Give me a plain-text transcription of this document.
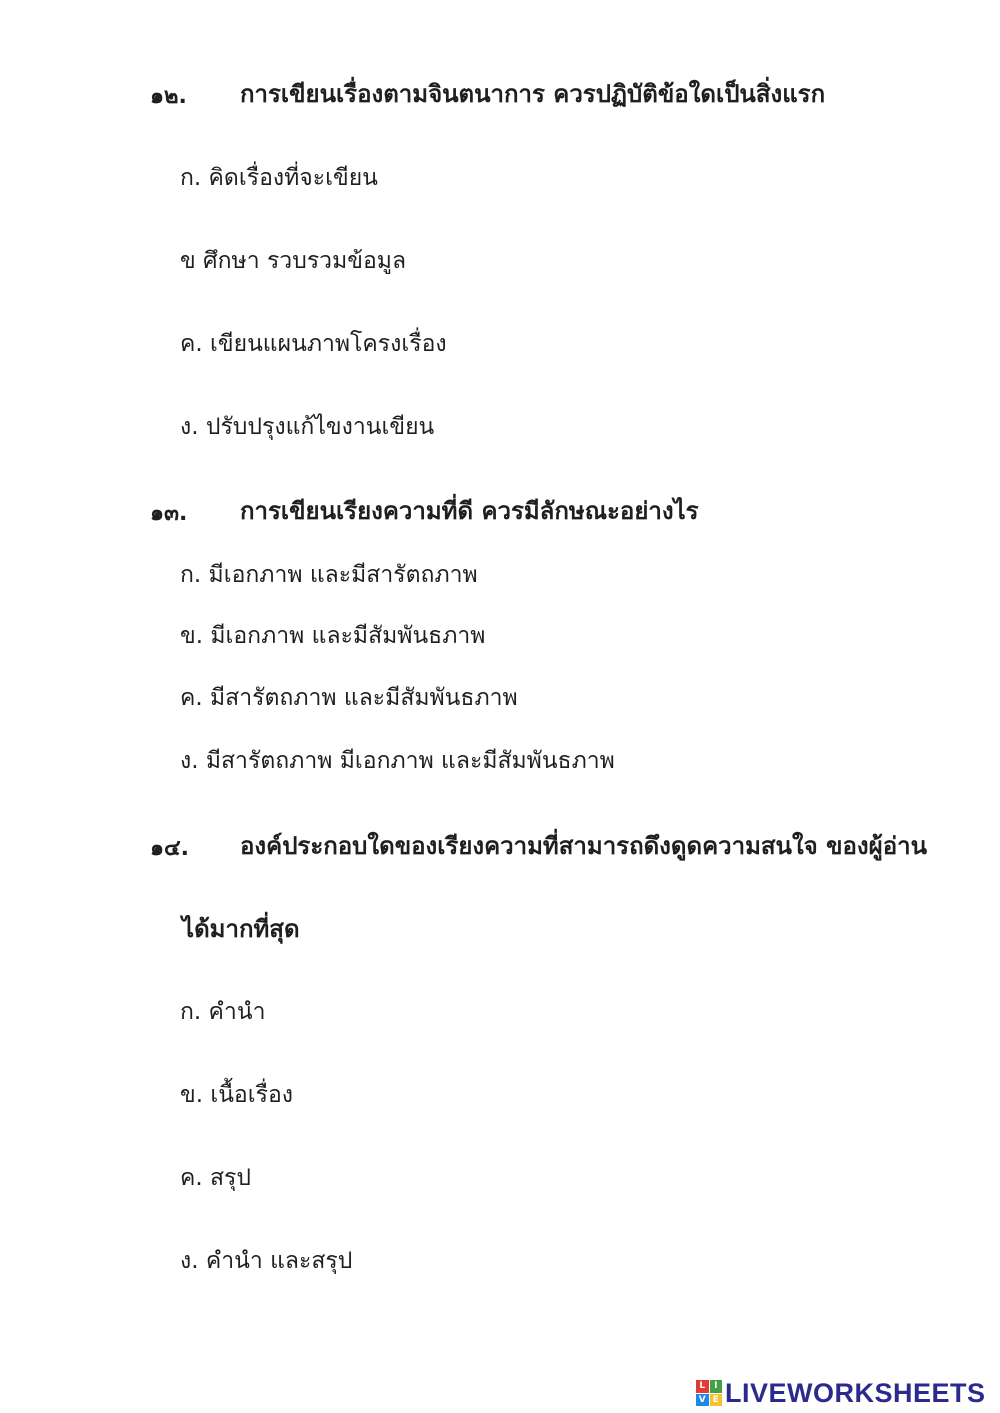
๑๒. การเขียนเรื่องตามจินตนาการ ควรปฏิบัติข้อใดเป็นสิ่งแรก
ก. คิดเรื่องที่จะเขียน
ข ศึกษา รวบรวมข้อมูล
ค. เขียนแผนภาพโครงเรื่อง
ง. ปรับปรุงแก้ไขงานเขียน
๑๓. การเขียนเรียงความที่ดี ควรมีลักษณะอย่างไร
ก. มีเอกภาพ และมีสารัตถภาพ
ข. มีเอกภาพ และมีสัมพันธภาพ
ค. มีสารัตถภาพ และมีสัมพันธภาพ
ง. มีสารัตถภาพ มีเอกภาพ และมีสัมพันธภาพ
๑๔. องค์ประกอบใดของเรียงความที่สามารถดึงดูดความสนใจ ของผู้อ่าน
ได้มากที่สุด
ก. คำนำ
ข. เนื้อเรื่อง
ค. สรุป
ง. คำนำ และสรุป
L I
V E LIVEWORKSHEETS
